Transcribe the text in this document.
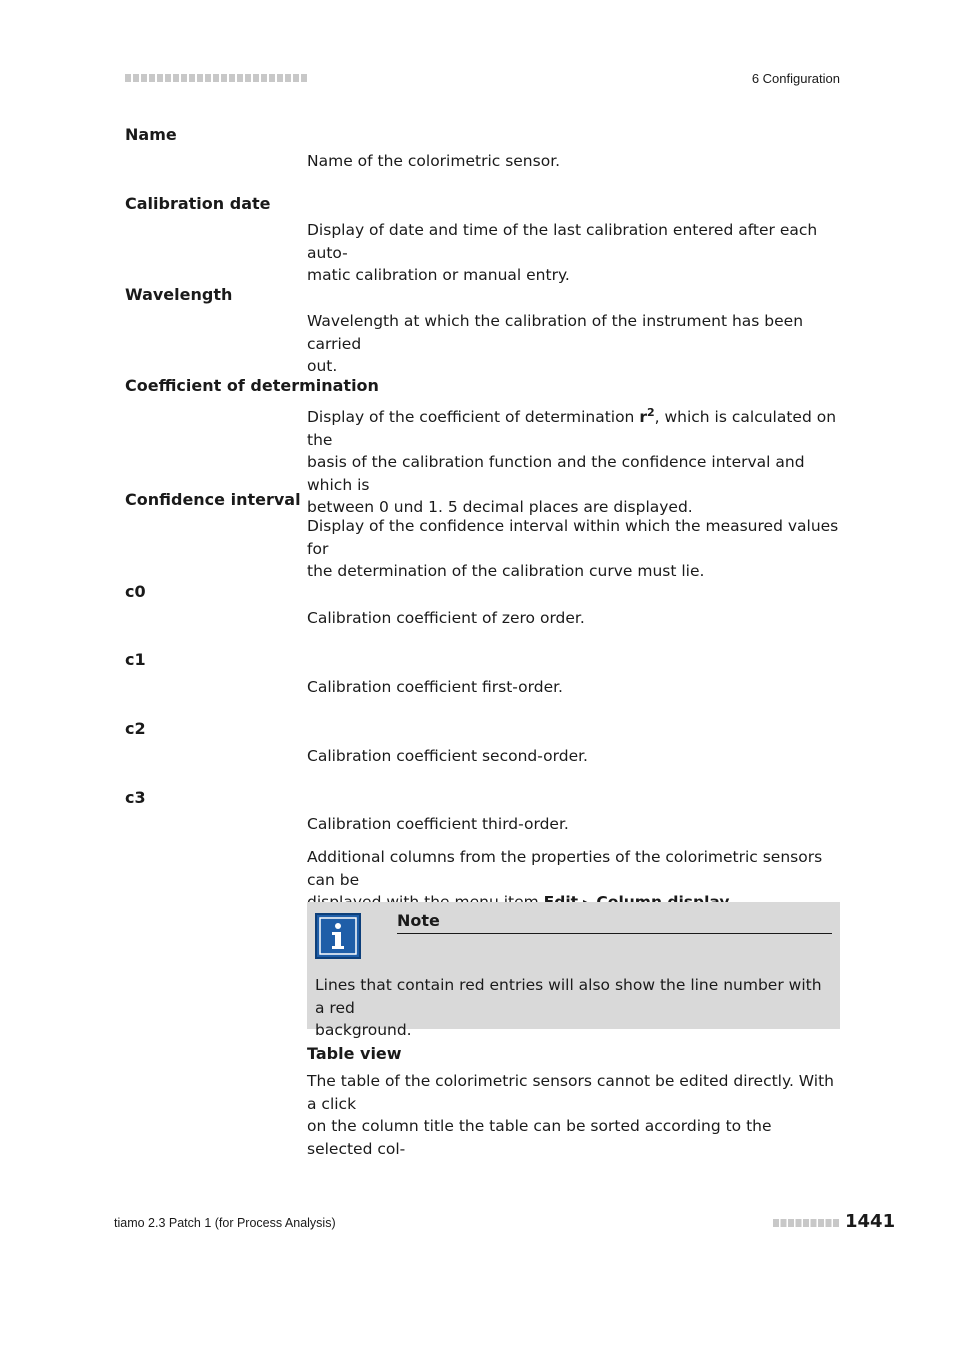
6 Configuration
Name
Name of the colorimetric sensor.
Calibration date
Display of date and time of the last calibration entered after each auto-
matic calibration or manual entry.
Wavelength
Wavelength at which the calibration of the instrument has been carried
out.
Coefficient of determination
Display of the coefficient of determination $r^2$, which is calculated on the
basis of the calibration function and the confidence interval and which is
between 0 und 1. 5 decimal places are displayed.
Confidence interval
Display of the confidence interval within which the measured values for
the determination of the calibration curve must lie.
c0
Calibration coefficient of zero order.
c1
Calibration coefficient first-order.
c2
Calibration coefficient second-order.
c3
Calibration coefficient third-order.
Additional columns from the properties of the colorimetric sensors can be
Note
Lines that contain red entries will also show the line number with a red
background.
Table view
The table of the colorimetric sensors cannot be edited directly. With a click
on the column title the table can be sorted according to the selected col-
tiamo 2.3 Patch 1 (for Process Analysis)	1441
